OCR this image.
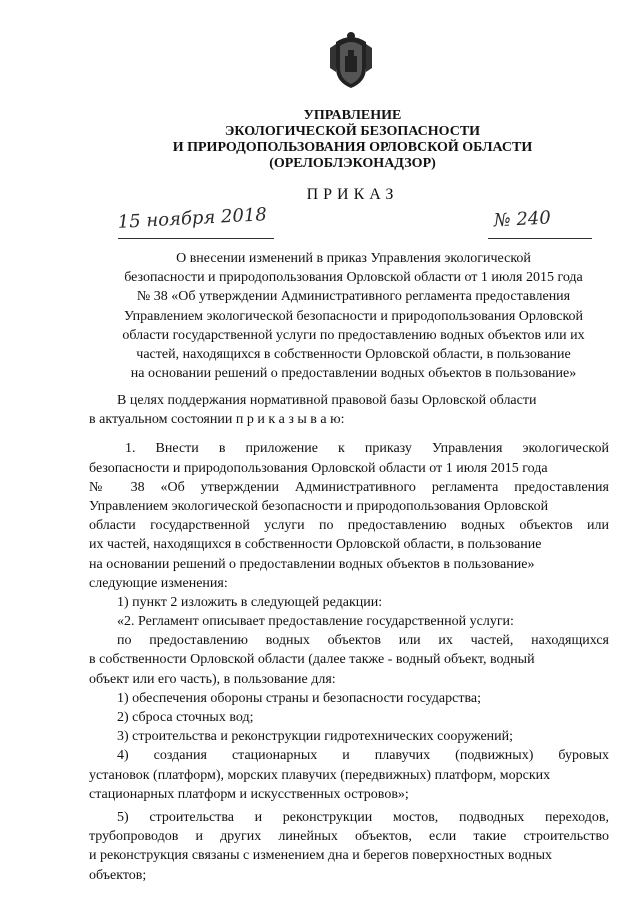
УПРАВЛЕНИЕ
ЭКОЛОГИЧЕСКОЙ БЕЗОПАСНОСТИ
И ПРИРОДОПОЛЬЗОВАНИЯ ОРЛОВСКОЙ ОБЛАСТИ
(ОРЕЛОБЛЭКОНАДЗОР)
ПРИКАЗ
15 ноября 2018	№ 240
О внесении изменений в приказ Управления экологической
безопасности и природопользования Орловской области от 1 июля 2015 года
№ 38 «Об утверждении Административного регламента предоставления
Управлением экологической безопасности и природопользования Орловской
области государственной услуги по предоставлению водных объектов или их
частей, находящихся в собственности Орловской области, в пользование
на основании решений о предоставлении водных объектов в пользование»
В целях поддержания нормативной правовой базы Орловской области
в актуальном состоянии п р и к а з ы в а ю:
1. Внести в приложение к приказу Управления экологической
безопасности и природопользования Орловской области от 1 июля 2015 года
№ 38 «Об утверждении Административного регламента предоставления
Управлением экологической безопасности и природопользования Орловской
области государственной услуги по предоставлению водных объектов или
их частей, находящихся в собственности Орловской области, в пользование
на основании решений о предоставлении водных объектов в пользование»
следующие изменения:
1) пункт 2 изложить в следующей редакции:
«2. Регламент описывает предоставление государственной услуги:
по предоставлению водных объектов или их частей, находящихся
в собственности Орловской области (далее также - водный объект, водный
объект или его часть), в пользование для:
1) обеспечения обороны страны и безопасности государства;
2) сброса сточных вод;
3) строительства и реконструкции гидротехнических сооружений;
4) создания стационарных и плавучих (подвижных) буровых
установок (платформ), морских плавучих (передвижных) платформ, морских
стационарных платформ и искусственных островов»;
5) строительства и реконструкции мостов, подводных переходов,
трубопроводов и других линейных объектов, если такие строительство
и реконструкция связаны с изменением дна и берегов поверхностных водных
объектов;
